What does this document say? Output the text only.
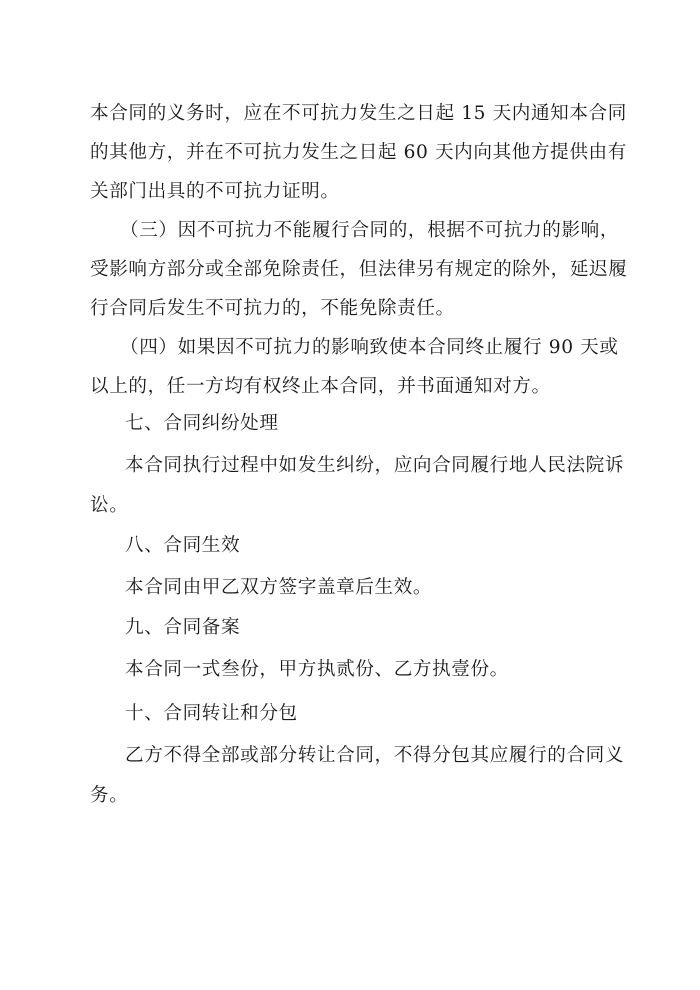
本合同的义务时，应在不可抗力发生之日起 15 天内通知本合同
的其他方，并在不可抗力发生之日起 60 天内向其他方提供由有
关部门出具的不可抗力证明。
（三）因不可抗力不能履行合同的，根据不可抗力的影响，
受影响方部分或全部免除责任，但法律另有规定的除外，延迟履
行合同后发生不可抗力的，不能免除责任。
（四）如果因不可抗力的影响致使本合同终止履行 90 天或
以上的，任一方均有权终止本合同，并书面通知对方。
七、合同纠纷处理
本合同执行过程中如发生纠纷，应向合同履行地人民法院诉
讼。
八、合同生效
本合同由甲乙双方签字盖章后生效。
九、合同备案
本合同一式叁份，甲方执贰份、乙方执壹份。
十、合同转让和分包
乙方不得全部或部分转让合同，不得分包其应履行的合同义
务。
